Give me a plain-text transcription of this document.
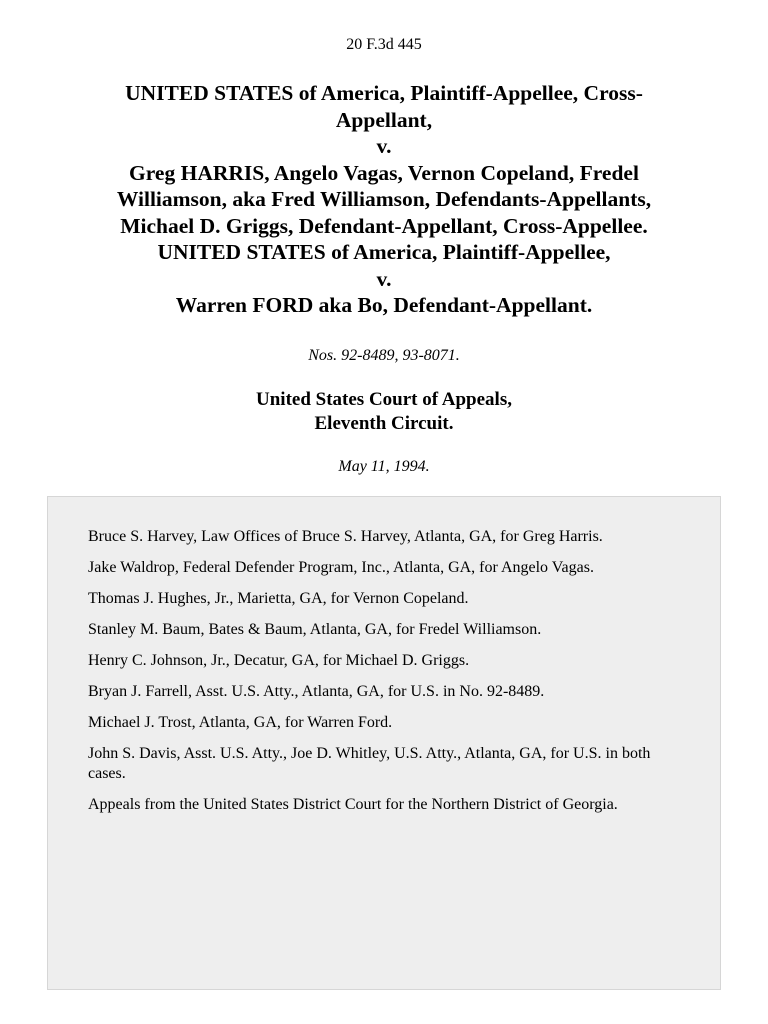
20 F.3d 445
UNITED STATES of America, Plaintiff-Appellee, Cross-
Appellant,
v.
Greg HARRIS, Angelo Vagas, Vernon Copeland, Fredel
Williamson, aka Fred Williamson, Defendants-Appellants,
Michael D. Griggs, Defendant-Appellant, Cross-Appellee.
UNITED STATES of America, Plaintiff-Appellee,
v.
Warren FORD aka Bo, Defendant-Appellant.
Nos. 92-8489, 93-8071.
United States Court of Appeals,
Eleventh Circuit.
May 11, 1994.

Bruce S. Harvey, Law Offices of Bruce S. Harvey, Atlanta, GA, for Greg Harris.

Jake Waldrop, Federal Defender Program, Inc., Atlanta, GA, for Angelo Vagas.

Thomas J. Hughes, Jr., Marietta, GA, for Vernon Copeland.

Stanley M. Baum, Bates & Baum, Atlanta, GA, for Fredel Williamson.

Henry C. Johnson, Jr., Decatur, GA, for Michael D. Griggs.

Bryan J. Farrell, Asst. U.S. Atty., Atlanta, GA, for U.S. in No. 92-8489.

Michael J. Trost, Atlanta, GA, for Warren Ford.

John S. Davis, Asst. U.S. Atty., Joe D. Whitley, U.S. Atty., Atlanta, GA, for U.S. in both cases.

Appeals from the United States District Court for the Northern District of Georgia.
